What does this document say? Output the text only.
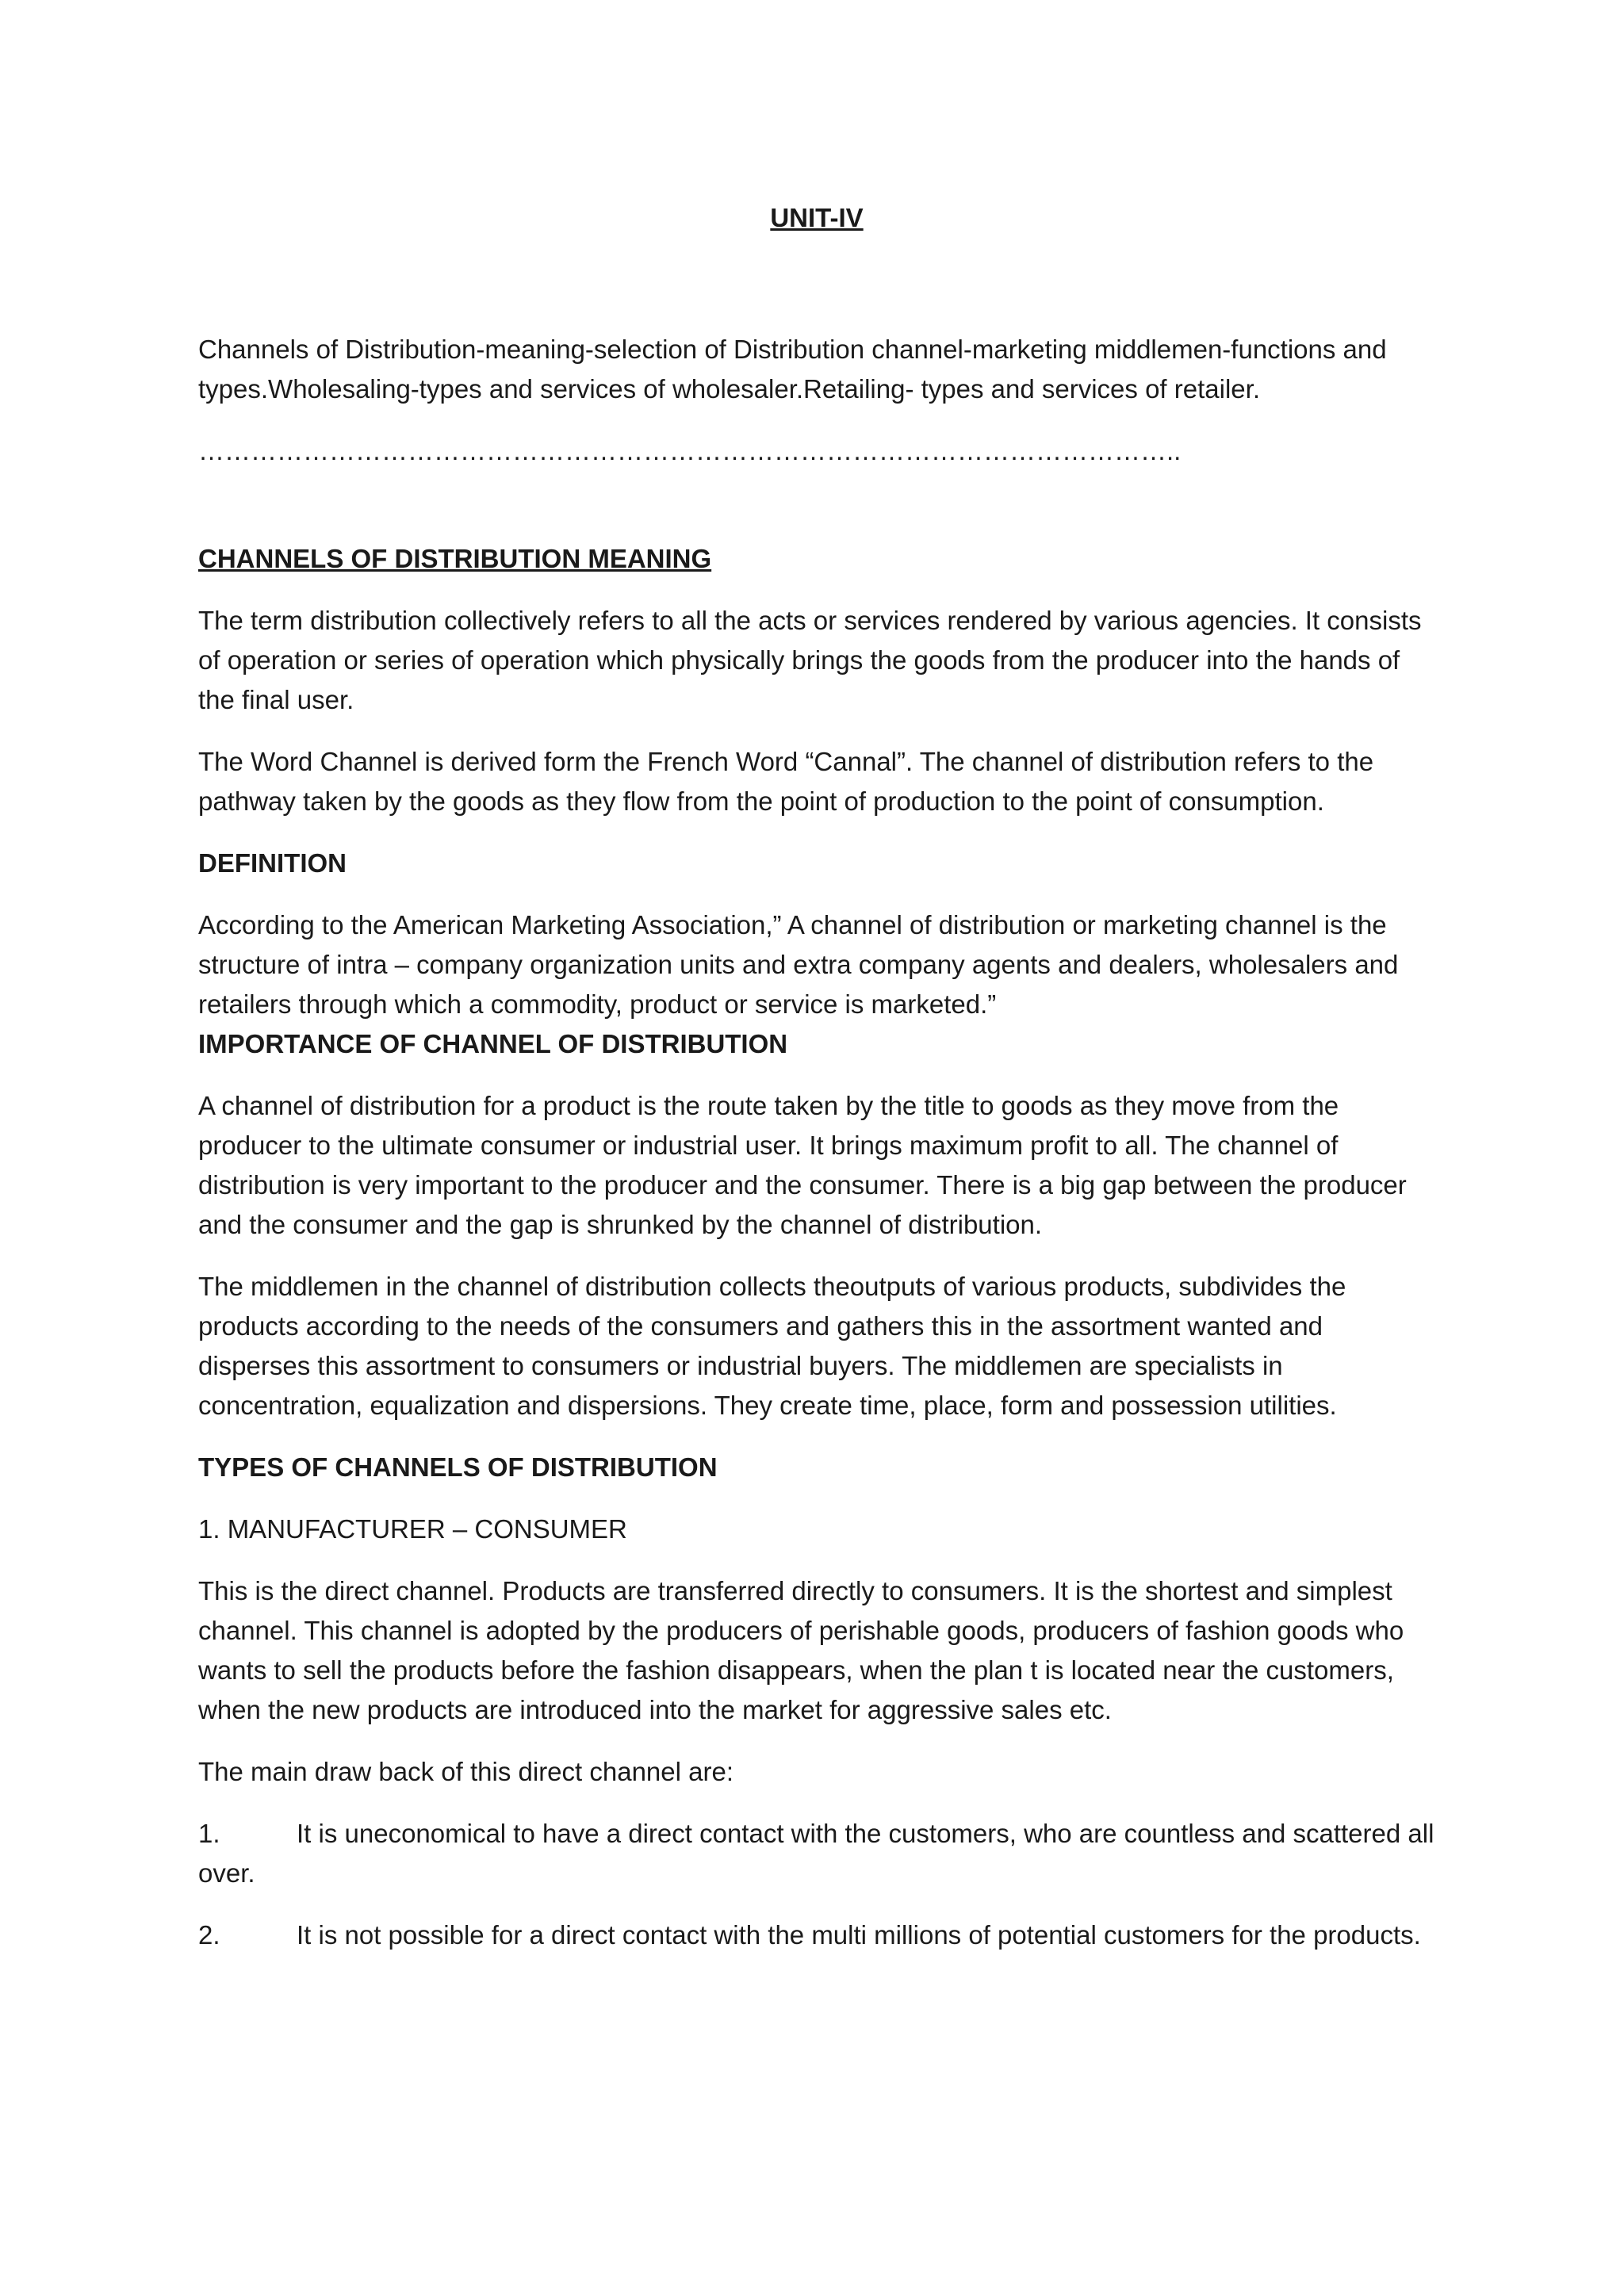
UNIT-IV

Channels of Distribution-meaning-selection of Distribution channel-marketing middlemen-functions and types.Wholesaling-types and services of wholesaler.Retailing- types and services of retailer.

…………………………………………………………………………………………………..
CHANNELS OF DISTRIBUTION MEANING

The term distribution collectively refers to all the acts or services rendered by various agencies. It consists of operation or series of operation which physically brings the goods from the producer into the hands of the final user.

The Word Channel is derived form the French Word “Cannal”. The channel of distribution refers to the pathway taken by the goods as they flow from the point of production to the point of consumption.

DEFINITION

According to the American Marketing Association,” A channel of distribution or marketing channel is the structure of intra – company organization units and extra company agents and dealers, wholesalers and retailers through which a commodity, product or service is marketed.”

IMPORTANCE OF CHANNEL OF DISTRIBUTION

A channel of distribution for a product is the route taken by the title to goods as they move from the producer to the ultimate consumer or industrial user. It brings maximum profit to all. The channel of distribution is very important to the producer and the consumer. There is a big gap between the producer and the consumer and the gap is shrunked by the channel of distribution.

The middlemen in the channel of distribution collects theoutputs of various products, subdivides the products according to the needs of the consumers and gathers this in the assortment wanted and disperses this assortment to consumers or industrial buyers. The middlemen are specialists in concentration, equalization and dispersions. They create time, place, form and possession utilities.

TYPES OF CHANNELS OF DISTRIBUTION

1. MANUFACTURER – CONSUMER

This is the direct channel. Products are transferred directly to consumers. It is the shortest and simplest channel. This channel is adopted by the producers of perishable goods, producers of fashion goods who wants to sell the products before the fashion disappears, when the plan t is located near the customers, when the new products are introduced into the market for aggressive sales etc.

The main draw back of this direct channel are:

1.	It is uneconomical to have a direct contact with the customers, who are countless and scattered all over.
2.	It is not possible for a direct contact with the multi millions of potential customers for the products.
